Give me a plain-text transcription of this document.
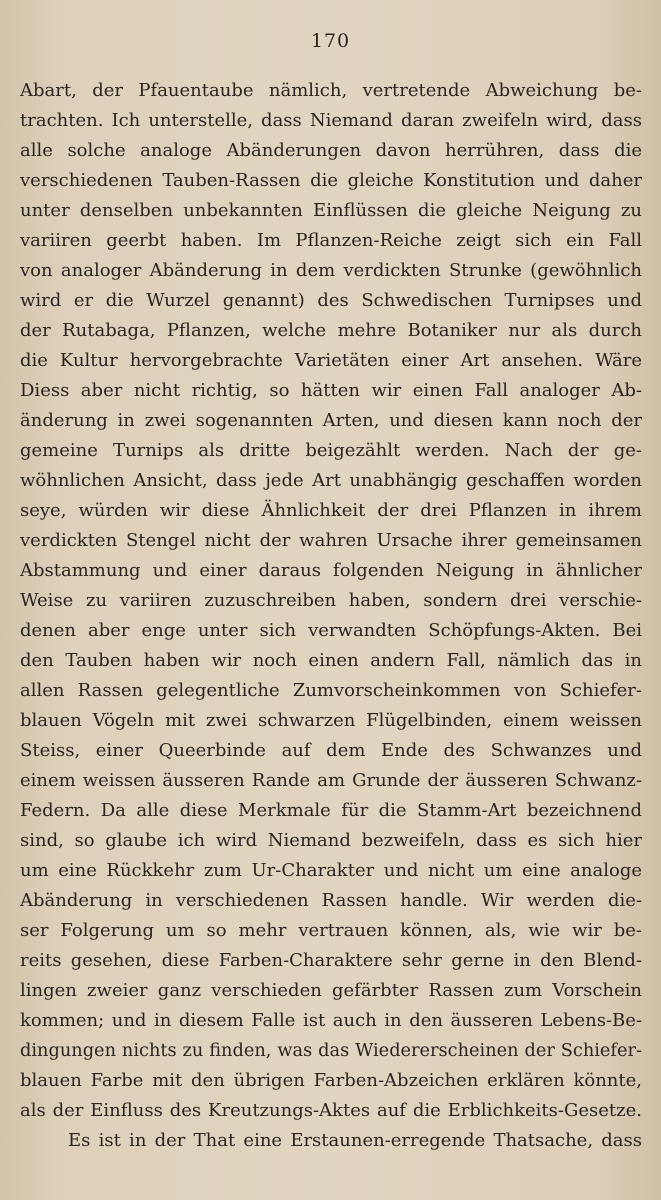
170
Abart, der Pfauentaube nämlich, vertretende Abweichung be-
trachten. Ich unterstelle, dass Niemand daran zweifeln wird, dass
alle solche analoge Abänderungen davon herrühren, dass die
verschiedenen Tauben-Rassen die gleiche Konstitution und daher
unter denselben unbekannten Einflüssen die gleiche Neigung zu
variiren geerbt haben. Im Pflanzen-Reiche zeigt sich ein Fall
von analoger Abänderung in dem verdickten Strunke (gewöhnlich
wird er die Wurzel genannt) des Schwedischen Turnipses und
der Rutabaga, Pflanzen, welche mehre Botaniker nur als durch
die Kultur hervorgebrachte Varietäten einer Art ansehen. Wäre
Diess aber nicht richtig, so hätten wir einen Fall analoger Ab-
änderung in zwei sogenannten Arten, und diesen kann noch der
gemeine Turnips als dritte beigezählt werden. Nach der ge-
wöhnlichen Ansicht, dass jede Art unabhängig geschaffen worden
seye, würden wir diese Ähnlichkeit der drei Pflanzen in ihrem
verdickten Stengel nicht der wahren Ursache ihrer gemeinsamen
Abstammung und einer daraus folgenden Neigung in ähnlicher
Weise zu variiren zuzuschreiben haben, sondern drei verschie-
denen aber enge unter sich verwandten Schöpfungs-Akten. Bei
den Tauben haben wir noch einen andern Fall, nämlich das in
allen Rassen gelegentliche Zumvorscheinkommen von Schiefer-
blauen Vögeln mit zwei schwarzen Flügelbinden, einem weissen
Steiss, einer Queerbinde auf dem Ende des Schwanzes und
einem weissen äusseren Rande am Grunde der äusseren Schwanz-
Federn. Da alle diese Merkmale für die Stamm-Art bezeichnend
sind, so glaube ich wird Niemand bezweifeln, dass es sich hier
um eine Rückkehr zum Ur-Charakter und nicht um eine analoge
Abänderung in verschiedenen Rassen handle. Wir werden die-
ser Folgerung um so mehr vertrauen können, als, wie wir be-
reits gesehen, diese Farben-Charaktere sehr gerne in den Blend-
lingen zweier ganz verschieden gefärbter Rassen zum Vorschein
kommen; und in diesem Falle ist auch in den äusseren Lebens-Be-
dingungen nichts zu finden, was das Wiedererscheinen der Schiefer-
blauen Farbe mit den übrigen Farben-Abzeichen erklären könnte,
als der Einfluss des Kreutzungs-Aktes auf die Erblichkeits-Gesetze.
Es ist in der That eine Erstaunen-erregende Thatsache, dass
